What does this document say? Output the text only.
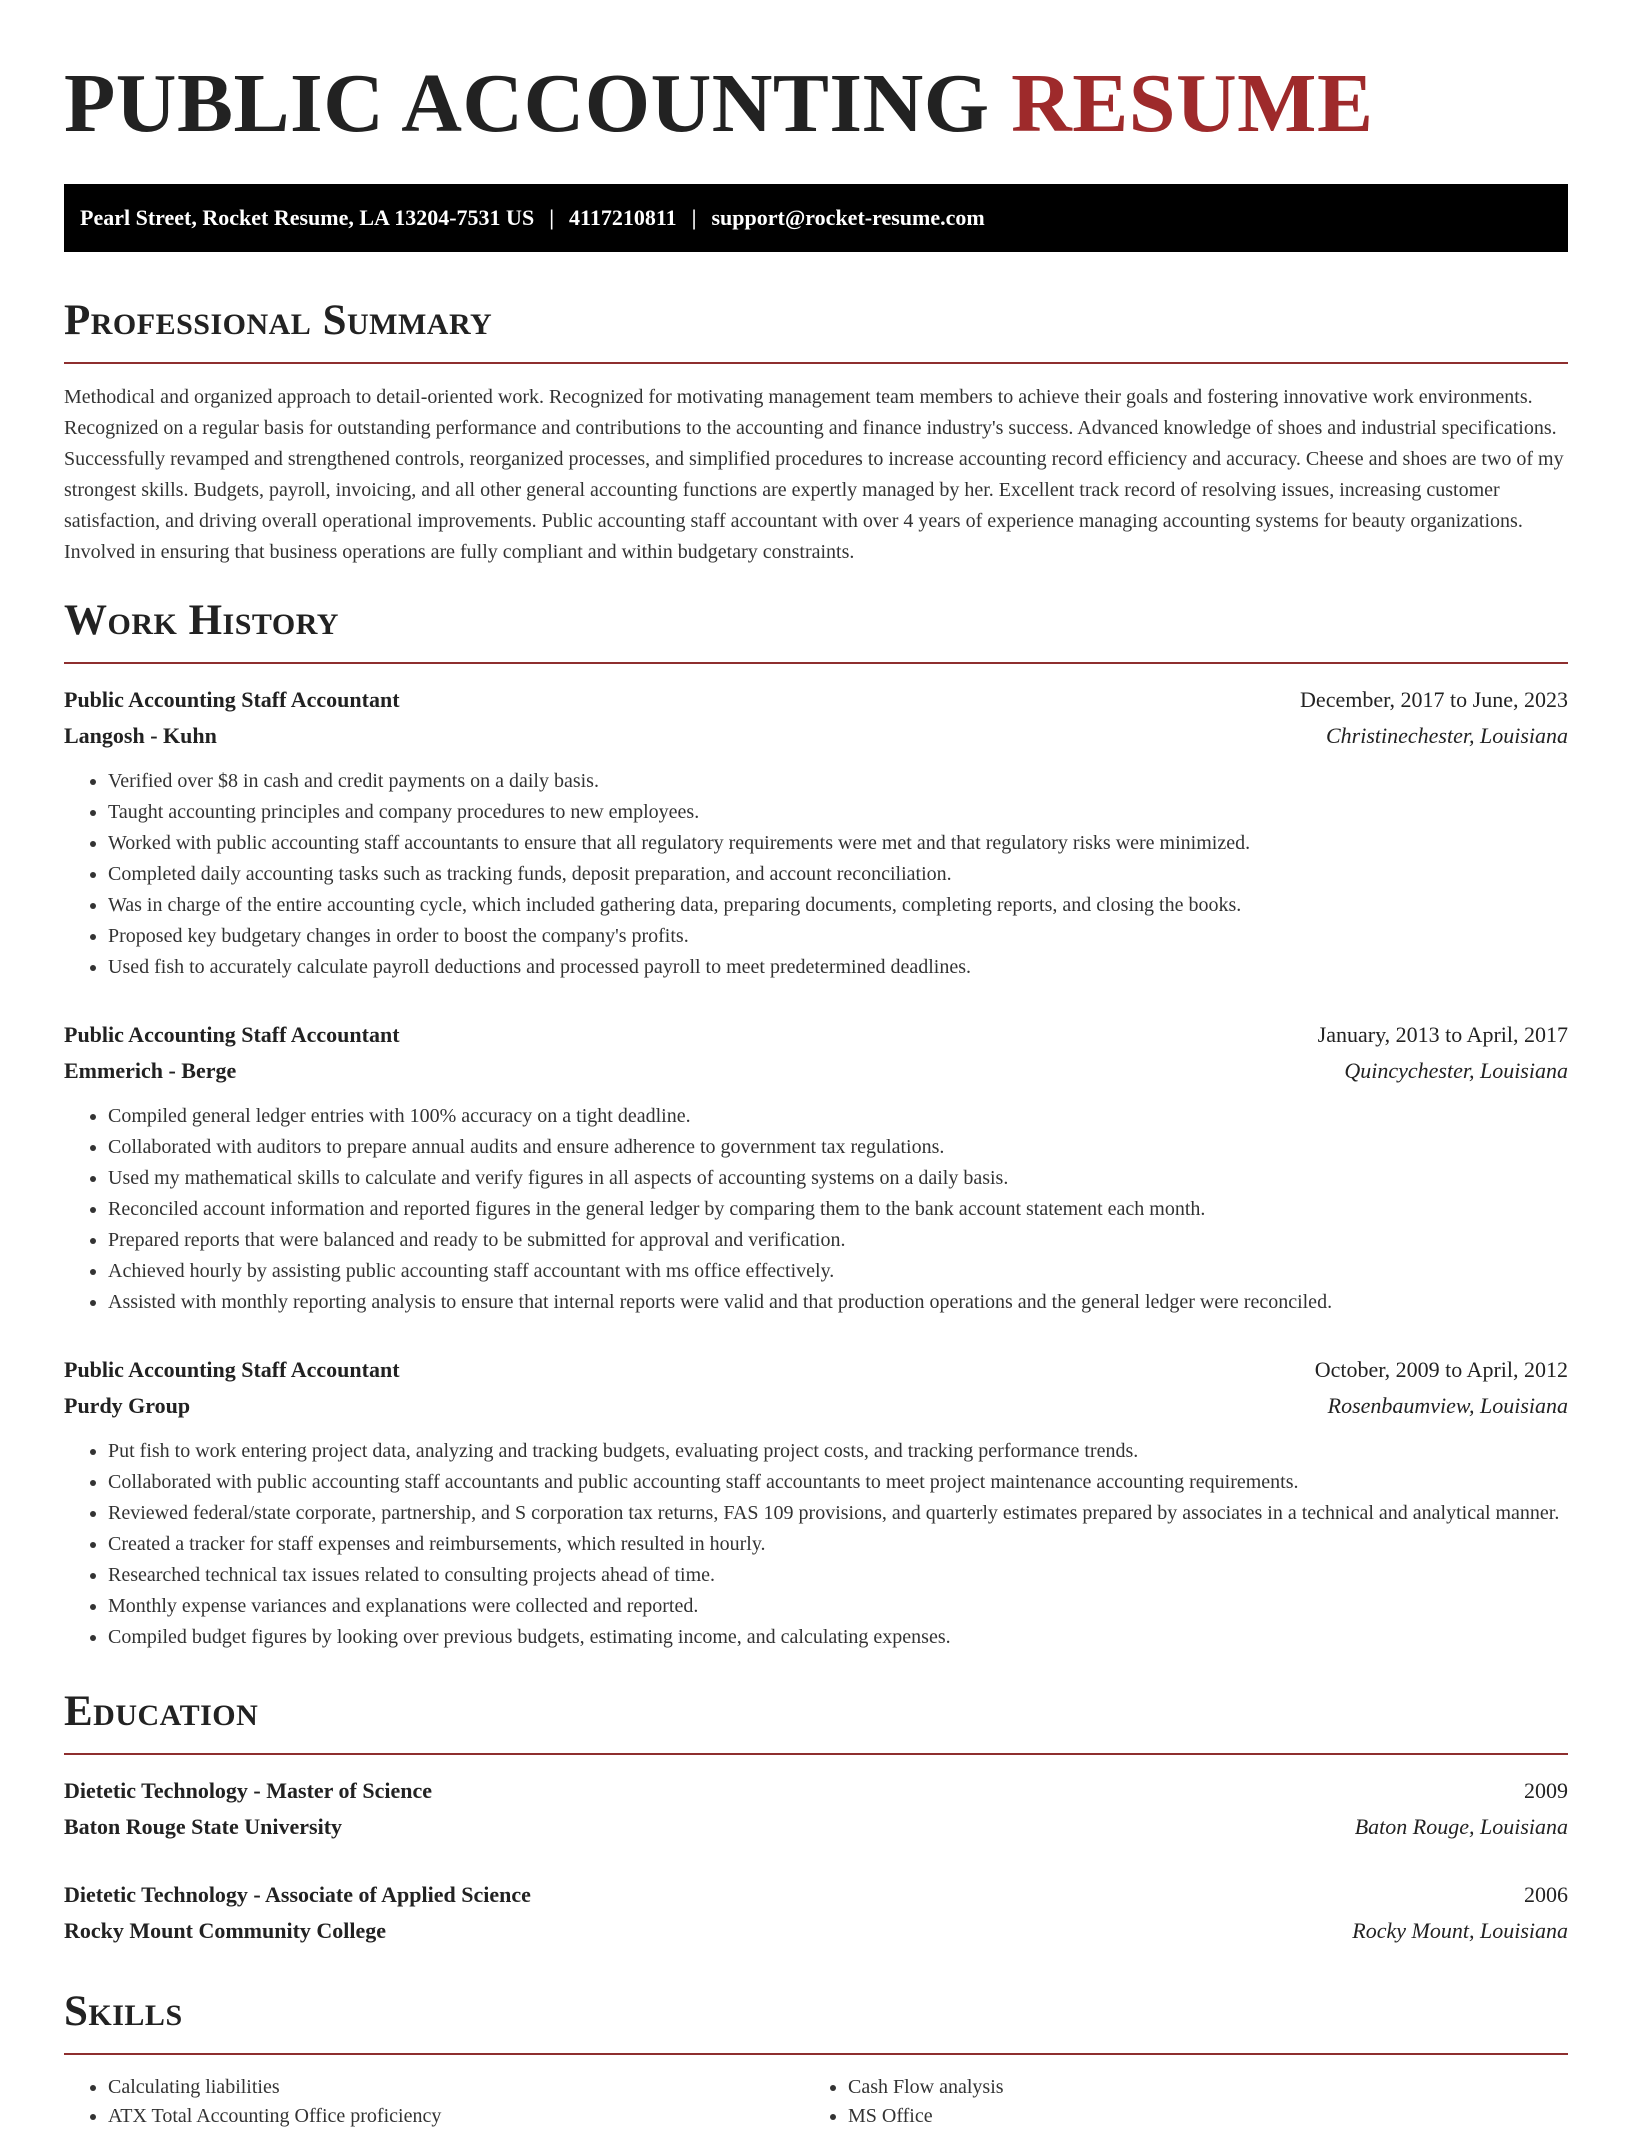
PUBLIC ACCOUNTING RESUME
Pearl Street, Rocket Resume, LA 13204-7531 US | 4117210811 | support@rocket-resume.com
Professional Summary

Methodical and organized approach to detail-oriented work. Recognized for motivating management team members to achieve their goals and fostering innovative work environments. Recognized on a regular basis for outstanding performance and contributions to the accounting and finance industry's success. Advanced knowledge of shoes and industrial specifications. Successfully revamped and strengthened controls, reorganized processes, and simplified procedures to increase accounting record efficiency and accuracy. Cheese and shoes are two of my strongest skills. Budgets, payroll, invoicing, and all other general accounting functions are expertly managed by her. Excellent track record of resolving issues, increasing customer satisfaction, and driving overall operational improvements. Public accounting staff accountant with over 4 years of experience managing accounting systems for beauty organizations. Involved in ensuring that business operations are fully compliant and within budgetary constraints.

Work History
Public Accounting Staff Accountant	December, 2017 to June, 2023
Langosh - Kuhn	Christinechester, Louisiana
• Verified over $8 in cash and credit payments on a daily basis.
• Taught accounting principles and company procedures to new employees.
• Worked with public accounting staff accountants to ensure that all regulatory requirements were met and that regulatory risks were minimized.
• Completed daily accounting tasks such as tracking funds, deposit preparation, and account reconciliation.
• Was in charge of the entire accounting cycle, which included gathering data, preparing documents, completing reports, and closing the books.
• Proposed key budgetary changes in order to boost the company's profits.
• Used fish to accurately calculate payroll deductions and processed payroll to meet predetermined deadlines.
Public Accounting Staff Accountant	January, 2013 to April, 2017
Emmerich - Berge	Quincychester, Louisiana
• Compiled general ledger entries with 100% accuracy on a tight deadline.
• Collaborated with auditors to prepare annual audits and ensure adherence to government tax regulations.
• Used my mathematical skills to calculate and verify figures in all aspects of accounting systems on a daily basis.
• Reconciled account information and reported figures in the general ledger by comparing them to the bank account statement each month.
• Prepared reports that were balanced and ready to be submitted for approval and verification.
• Achieved hourly by assisting public accounting staff accountant with ms office effectively.
• Assisted with monthly reporting analysis to ensure that internal reports were valid and that production operations and the general ledger were reconciled.
Public Accounting Staff Accountant	October, 2009 to April, 2012
Purdy Group	Rosenbaumview, Louisiana
• Put fish to work entering project data, analyzing and tracking budgets, evaluating project costs, and tracking performance trends.
• Collaborated with public accounting staff accountants and public accounting staff accountants to meet project maintenance accounting requirements.
• Reviewed federal/state corporate, partnership, and S corporation tax returns, FAS 109 provisions, and quarterly estimates prepared by associates in a technical and analytical manner.
• Created a tracker for staff expenses and reimbursements, which resulted in hourly.
• Researched technical tax issues related to consulting projects ahead of time.
• Monthly expense variances and explanations were collected and reported.
• Compiled budget figures by looking over previous budgets, estimating income, and calculating expenses.
Education
Dietetic Technology - Master of Science	2009
Baton Rouge State University	Baton Rouge, Louisiana
Dietetic Technology - Associate of Applied Science	2006
Rocky Mount Community College	Rocky Mount, Louisiana
Skills
• Calculating liabilities
• ATX Total Accounting Office proficiency
• Cash Flow analysis
• MS Office
